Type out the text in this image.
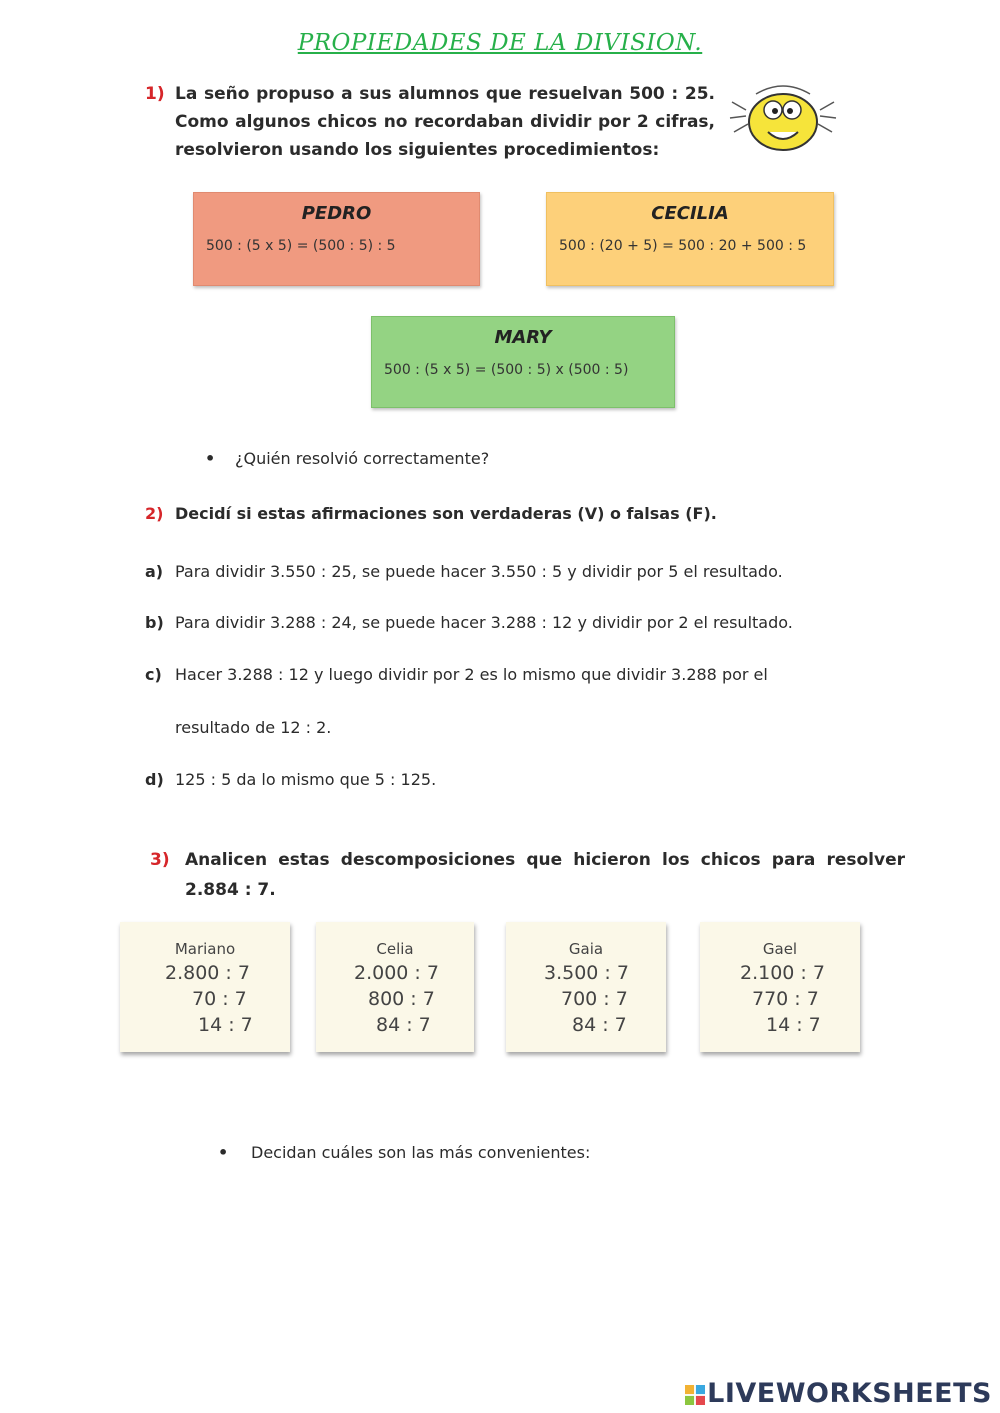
PROPIEDADES DE LA DIVISION.
1) La seño propuso a sus alumnos que resuelvan 500 : 25. Como algunos chicos no recordaban dividir por 2 cifras, resolvieron usando los siguientes procedimientos:
PEDRO
500 : (5 x 5) = (500 : 5) : 5
CECILIA
500 : (20 + 5) = 500 : 20 + 500 : 5
MARY
500 : (5 x 5) = (500 : 5) x (500 : 5)
• ¿Quién resolvió correctamente?
2) Decidí si estas afirmaciones son verdaderas (V) o falsas (F).
a) Para dividir 3.550 : 25, se puede hacer 3.550 : 5 y dividir por 5 el resultado.
b) Para dividir 3.288 : 24, se puede hacer 3.288 : 12 y dividir por 2 el resultado.
c) Hacer 3.288 : 12 y luego dividir por 2 es lo mismo que dividir 3.288 por el
resultado de 12 : 2.
d) 125 : 5 da lo mismo que 5 : 125.
3) Analicen estas descomposiciones que hicieron los chicos para resolver 2.884 : 7.
Mariano
2.800 : 7
70 : 7
14 : 7
Celia
2.000 : 7
800 : 7
84 : 7
Gaia
3.500 : 7
700 : 7
84 : 7
Gael
2.100 : 7
770 : 7
14 : 7
• Decidan cuáles son las más convenientes:
LIVEWORKSHEETS
